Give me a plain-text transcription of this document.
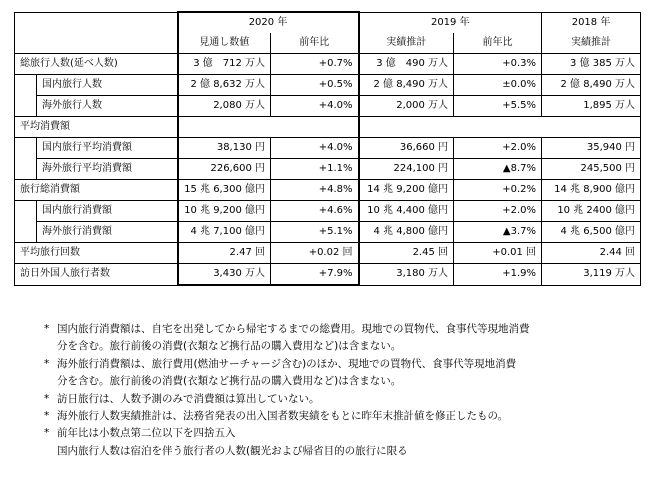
		2020 年		2019 年		2018 年
		見通し数値	前年比	実績推計	前年比	実績推計
総旅行人数(延べ人数)		3 億　712 万人	+0.7%	3 億　490 万人	+0.3%	3 億 385 万人
	国内旅行人数	2 億 8,632 万人	+0.5%	2 億 8,490 万人	±0.0%	2 億 8,490 万人
	海外旅行人数	2,080 万人	+4.0%	2,000 万人	+5.5%	1,895 万人
平均消費額						
	国内旅行平均消費額	38,130 円	+4.0%	36,660 円	+2.0%	35,940 円
	海外旅行平均消費額	226,600 円	+1.1%	224,100 円	▲8.7%	245,500 円
旅行総消費額		15 兆 6,300 億円	+4.8%	14 兆 9,200 億円	+0.2%	14 兆 8,900 億円
	国内旅行消費額	10 兆 9,200 億円	+4.6%	10 兆 4,400 億円	+2.0%	10 兆 2400 億円
	海外旅行消費額	4 兆 7,100 億円	+5.1%	4 兆 4,800 億円	▲3.7%	4 兆 6,500 億円
平均旅行回数		2.47 回	+0.02 回	2.45 回	+0.01 回	2.44 回
訪日外国人旅行者数		3,430 万人	+7.9%	3,180 万人	+1.9%	3,119 万人
* 国内旅行消費額は、自宅を出発してから帰宅するまでの総費用。現地での買物代、食事代等現地消費
分を含む。旅行前後の消費(衣類など携行品の購入費用など)は含まない。
* 海外旅行消費額は、旅行費用(燃油サーチャージ含む)のほか、現地での買物代、食事代等現地消費
分を含む。旅行前後の消費(衣類など携行品の購入費用など)は含まない。
* 訪日旅行は、人数予測のみで消費額は算出していない。
* 海外旅行人数実績推計は、法務省発表の出入国者数実績をもとに昨年末推計値を修正したもの。
* 前年比は小数点第二位以下を四捨五入
国内旅行人数は宿泊を伴う旅行者の人数(観光および帰省目的の旅行に限る
